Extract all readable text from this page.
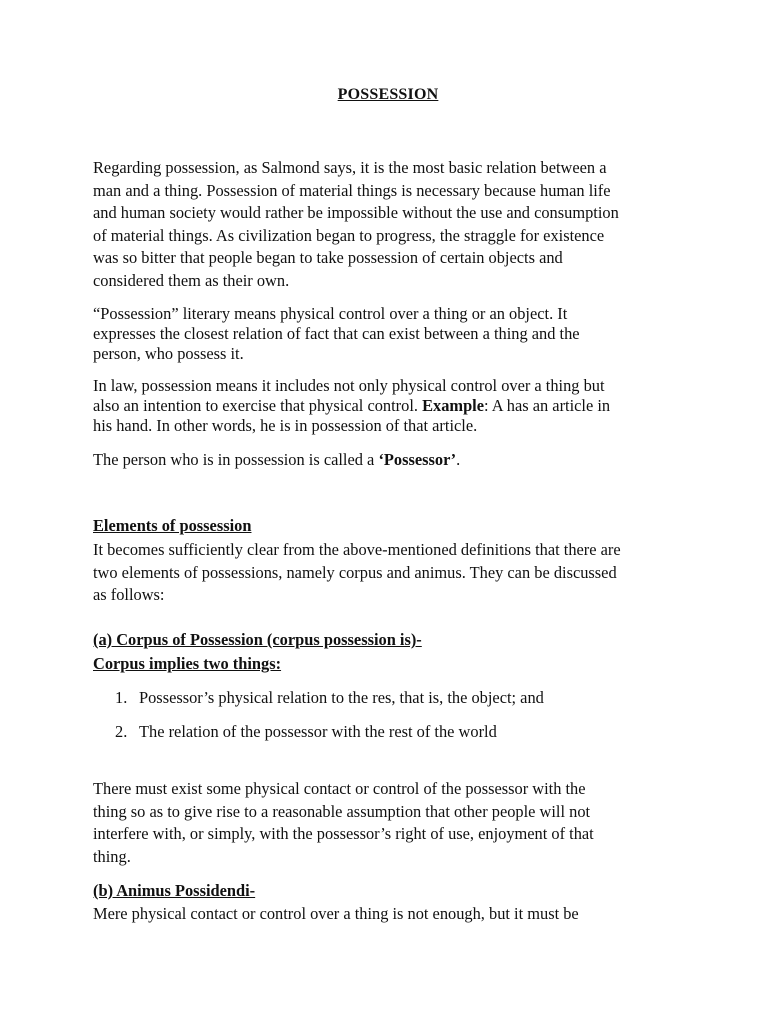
POSSESSION

Regarding possession, as Salmond says, it is the most basic relation between a
man and a thing. Possession of material things is necessary because human life
and human society would rather be impossible without the use and consumption
of material things. As civilization began to progress, the straggle for existence
was so bitter that people began to take possession of certain objects and
considered them as their own.

“Possession” literary means physical control over a thing or an object. It
expresses the closest relation of fact that can exist between a thing and the
person, who possess it.

In law, possession means it includes not only physical control over a thing but
also an intention to exercise that physical control. Example: A has an article in
his hand. In other words, he is in possession of that article.

The person who is in possession is called a ‘Possessor’.

Elements of possession

It becomes sufficiently clear from the above-mentioned definitions that there are
two elements of possessions, namely corpus and animus. They can be discussed
as follows:

(a) Corpus of Possession (corpus possession is)-
Corpus implies two things:
1. Possessor’s physical relation to the res, that is, the object; and
2. The relation of the possessor with the rest of the world

There must exist some physical contact or control of the possessor with the
thing so as to give rise to a reasonable assumption that other people will not
interfere with, or simply, with the possessor’s right of use, enjoyment of that
thing.

(b) Animus Possidendi-

Mere physical contact or control over a thing is not enough, but it must be
